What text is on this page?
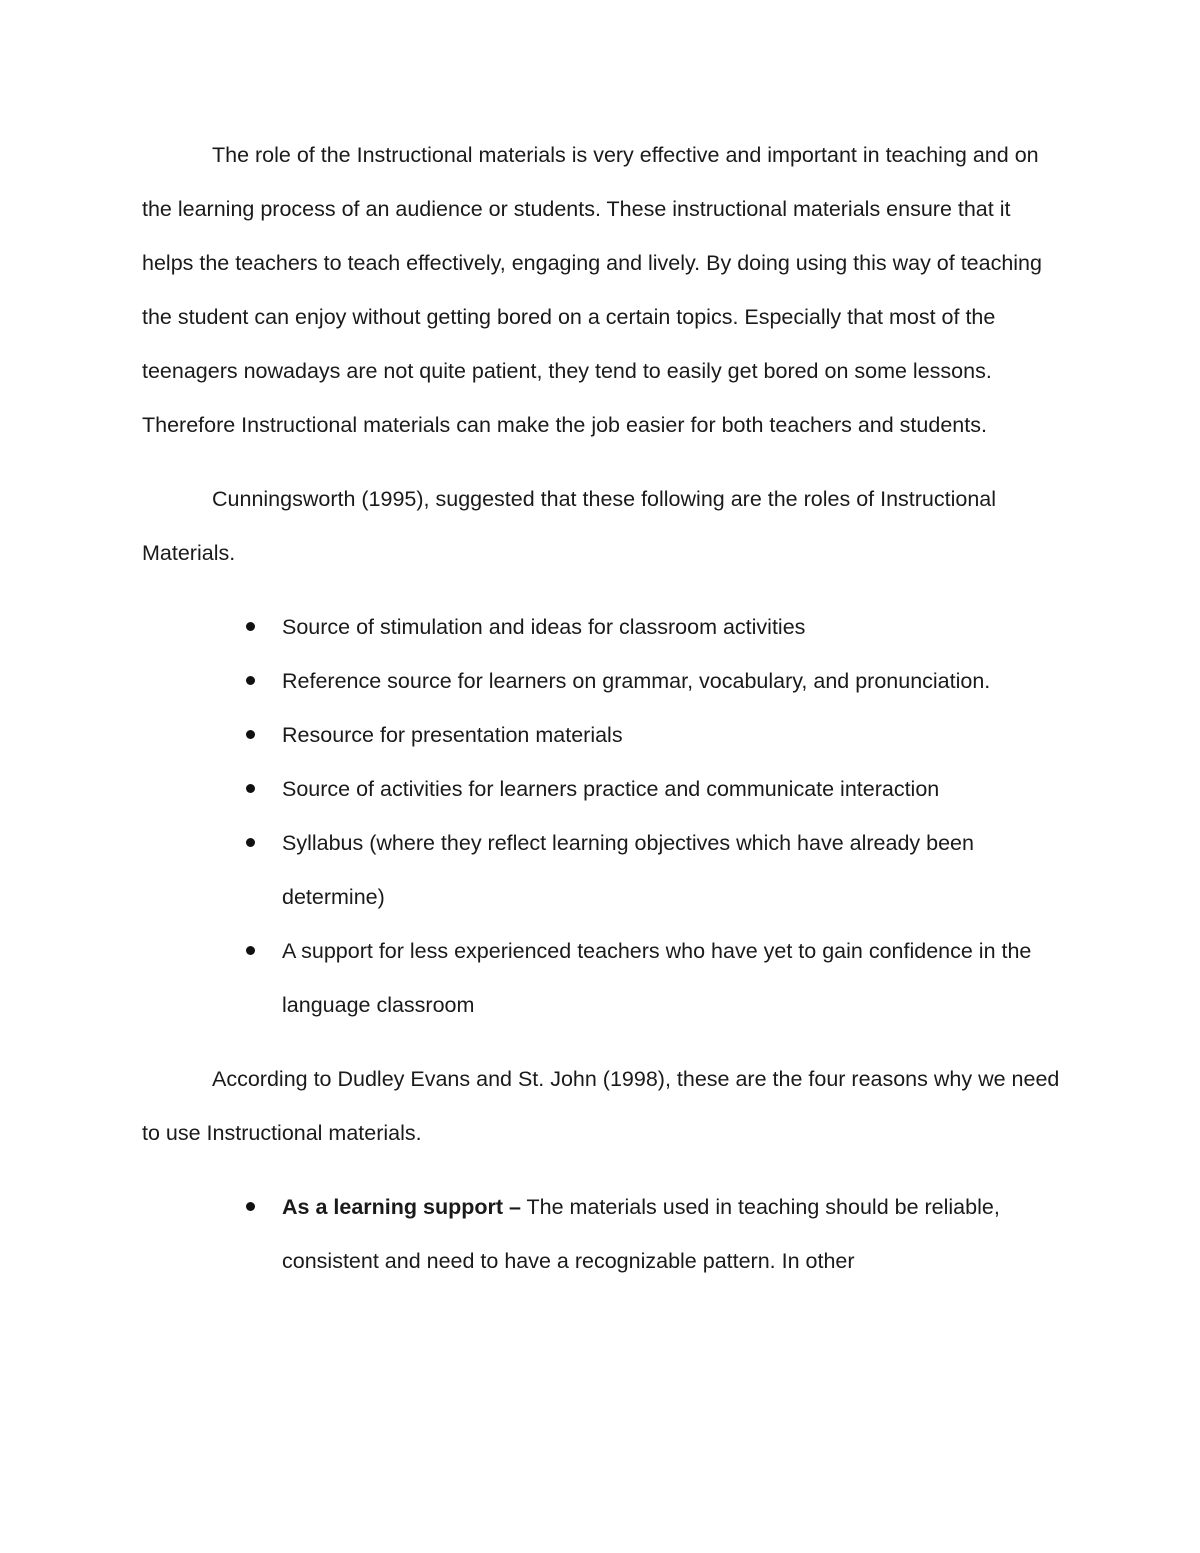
The role of the Instructional materials is very effective and important in teaching and on the learning process of an audience or students. These instructional materials ensure that it helps the teachers to teach effectively, engaging and lively. By doing using this way of teaching the student can enjoy without getting bored on a certain topics. Especially that most of the teenagers nowadays are not quite patient, they tend to easily get bored on some lessons. Therefore Instructional materials can make the job easier for both teachers and students.

Cunningsworth (1995), suggested that these following are the roles of Instructional Materials.

Source of stimulation and ideas for classroom activities
Reference source for learners on grammar, vocabulary, and pronunciation.
Resource for presentation materials
Source of activities for learners practice and communicate interaction
Syllabus (where they reflect learning objectives which have already been determine)
A support for less experienced teachers who have yet to gain confidence in the language classroom

According to Dudley Evans and St. John (1998), these are the four reasons why we need to use Instructional materials.

As a learning support – The materials used in teaching should be reliable, consistent and need to have a recognizable pattern. In other
